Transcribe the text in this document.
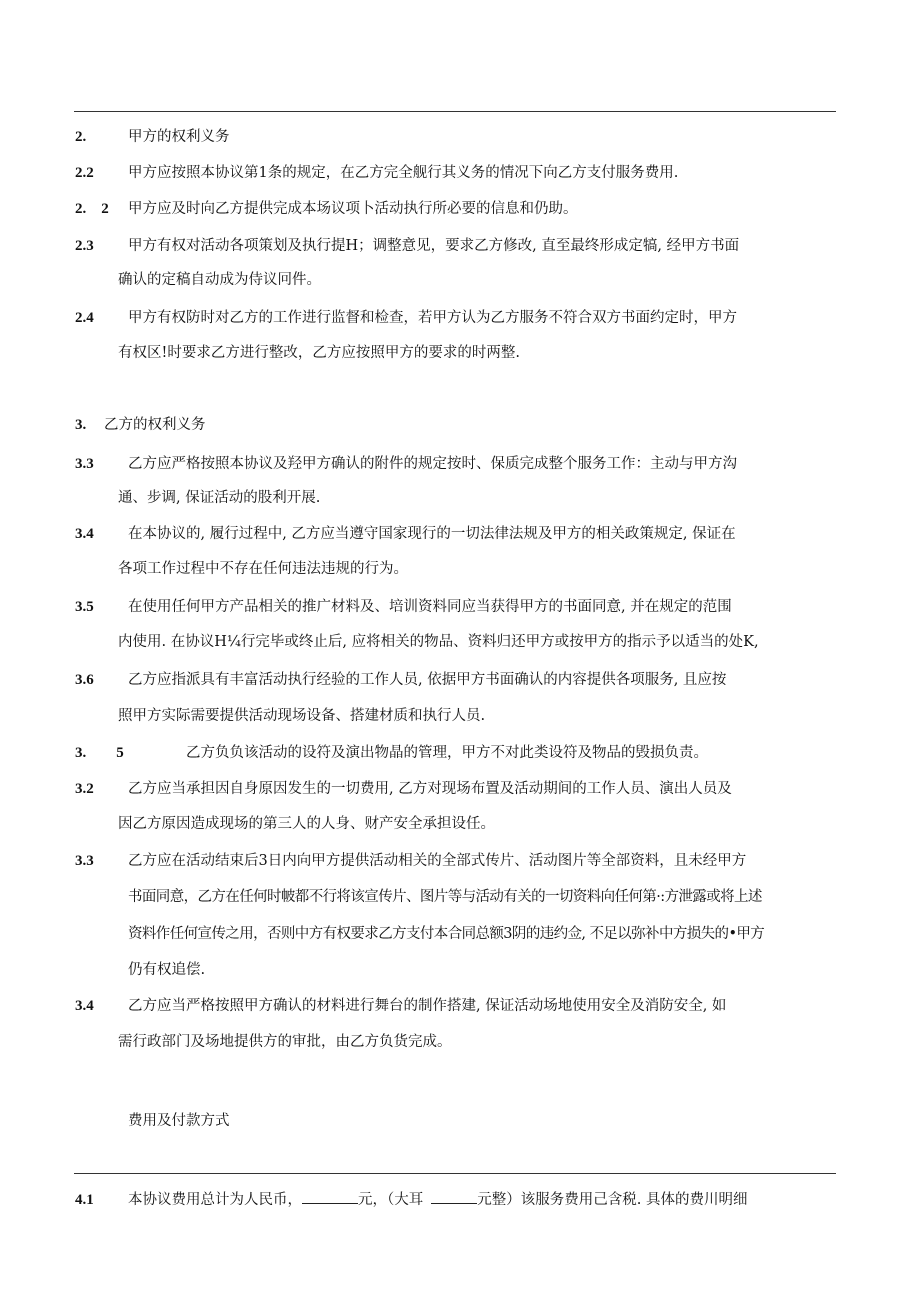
2.	甲方的权利义务
2.2 甲方应按照本协议第1条的规定，在乙方完全舰行其义务的情况下向乙方支付服务费用.
2.　2 甲方应及时向乙方提供完成本场议项卜活动执行所必要的信息和仍助。
2.3 甲方有权对活动各项策划及执行提H；调整意见，要求乙方修改, 直至最终形成定犒, 经甲方书面
确认的定稿自动成为侍议冋件。
2.4 甲方有权防时对乙方的工作进行监督和检查，若甲方认为乙方服务不符合双方书面约定时，甲方
有权区!时要求乙方进行整改，乙方应按照甲方的要求的时两整.
3. 乙方的权利义务
3.3 乙方应严格按照本协议及羟甲方确认的附件的规定按时、保质完成整个服务工作：主动与甲方沟
通、步调, 保证活动的股利开展.
3.4 在本协议的, 履行过程中, 乙方应当遵守国家现行的一切法律法规及甲方的相关政策规定, 保证在
各项工作过程中不存在任何违法违规的行为。
3.5 在使用任何甲方产品相关的推广材料及、培训资料同应当获得甲方的书面同意, 并在规定的范围
内使用. 在协议H¼行完毕或终止后, 应将相关的物品、资料归还甲方或按甲方的指示予以适当的处K,
3.6 乙方应指派具有丰富活动执行经验的工作人员, 依据甲方书面确认的内容提供各项服务, 且应按
照甲方实际需要提供活动现场设备、搭建材质和执行人员.
3.　　5	乙方负负该活动的设符及演出物晶的管理，甲方不对此类设符及物品的毁损负责。
3.2 乙方应当承担因自身原因发生的一切费用, 乙方对现场布置及活动期间的工作人员、演出人员及
因乙方原因造成现场的第三人的人身、财产安全承担设任。
3.3 乙方应在活动结束后3日内向甲方提供活动相关的全部式传片、活动图片等全部资料，且未经甲方
书面同意，乙方在任何时帔都不行将该宣传片、图片等与活动有关的一切资料向任何第·:方泄露或将上述
资料作任何宣传之用，否则中方有权要求乙方支付本合同总额3阴的违约佥, 不足以弥补中方损失的•甲方
仍有权追偿.
3.4 乙方应当严格按照甲方确认的材料进行舞台的制作搭建, 保证活动场地使用安全及消防安全, 如
需行政部门及场地提供方的审批，由乙方负货完成。
费用及付款方式
4.1 本协议费用总计为人民币，	元，（大耳	元整）该服务费用己含税. 具体的费川明细
